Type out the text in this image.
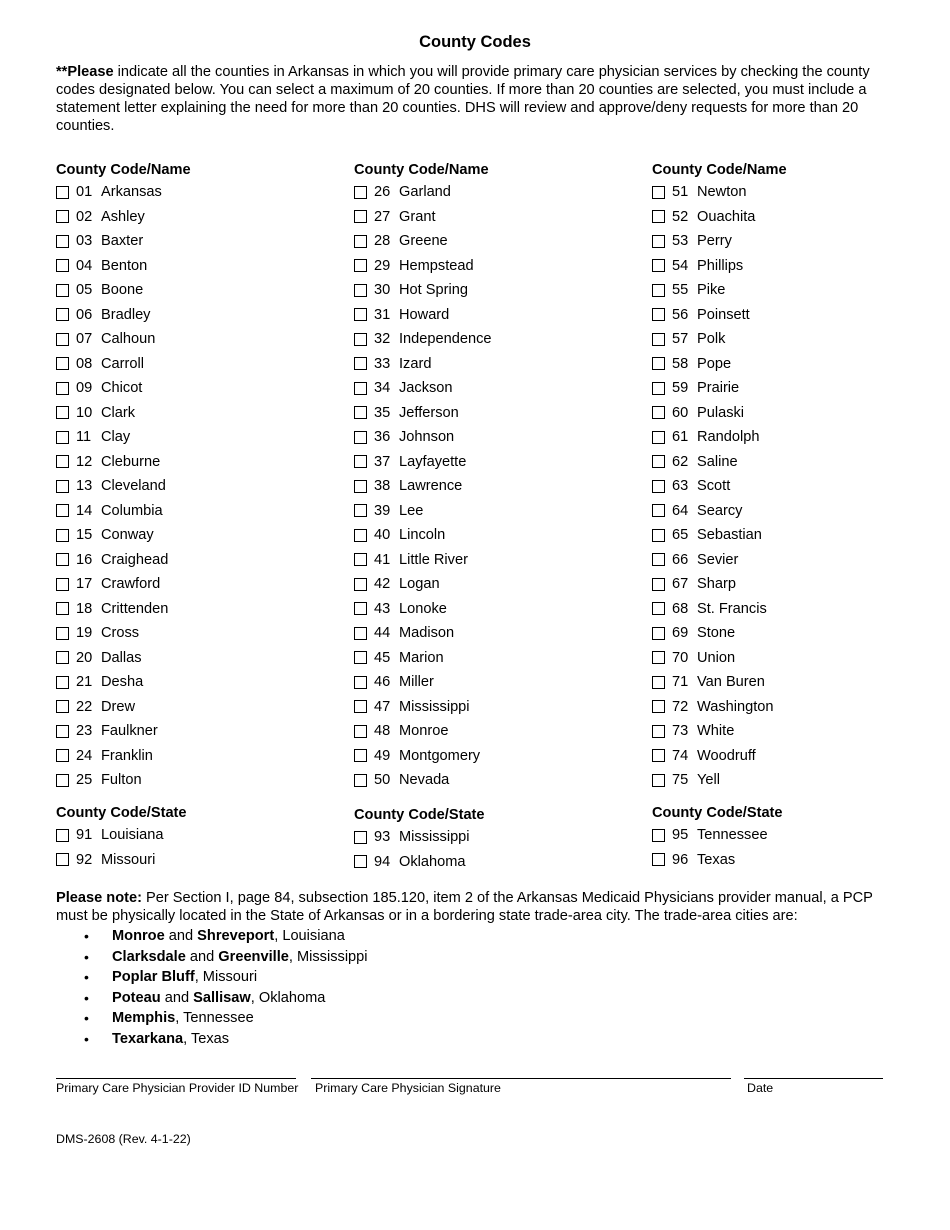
County Codes
**Please indicate all the counties in Arkansas in which you will provide primary care physician services by checking the county codes designated below. You can select a maximum of 20 counties. If more than 20 counties are selected, you must include a statement letter explaining the need for more than 20 counties. DHS will review and approve/deny requests for more than 20 counties.
County Code/Name
01 Arkansas
02 Ashley
03 Baxter
04 Benton
05 Boone
06 Bradley
07 Calhoun
08 Carroll
09 Chicot
10 Clark
11 Clay
12 Cleburne
13 Cleveland
14 Columbia
15 Conway
16 Craighead
17 Crawford
18 Crittenden
19 Cross
20 Dallas
21 Desha
22 Drew
23 Faulkner
24 Franklin
25 Fulton
County Code/Name
26 Garland
27 Grant
28 Greene
29 Hempstead
30 Hot Spring
31 Howard
32 Independence
33 Izard
34 Jackson
35 Jefferson
36 Johnson
37 Layfayette
38 Lawrence
39 Lee
40 Lincoln
41 Little River
42 Logan
43 Lonoke
44 Madison
45 Marion
46 Miller
47 Mississippi
48 Monroe
49 Montgomery
50 Nevada
County Code/Name
51 Newton
52 Ouachita
53 Perry
54 Phillips
55 Pike
56 Poinsett
57 Polk
58 Pope
59 Prairie
60 Pulaski
61 Randolph
62 Saline
63 Scott
64 Searcy
65 Sebastian
66 Sevier
67 Sharp
68 St. Francis
69 Stone
70 Union
71 Van Buren
72 Washington
73 White
74 Woodruff
75 Yell
County Code/State
91 Louisiana
92 Missouri
County Code/State
93 Mississippi
94 Oklahoma
County Code/State
95 Tennessee
96 Texas
Please note: Per Section I, page 84, subsection 185.120, item 2 of the Arkansas Medicaid Physicians provider manual, a PCP must be physically located in the State of Arkansas or in a bordering state trade-area city. The trade-area cities are:
• Monroe and Shreveport, Louisiana
• Clarksdale and Greenville, Mississippi
• Poplar Bluff, Missouri
• Poteau and Sallisaw, Oklahoma
• Memphis, Tennessee
• Texarkana, Texas
Primary Care Physician Provider ID Number Primary Care Physician Signature	Date
DMS-2608 (Rev. 4-1-22)
